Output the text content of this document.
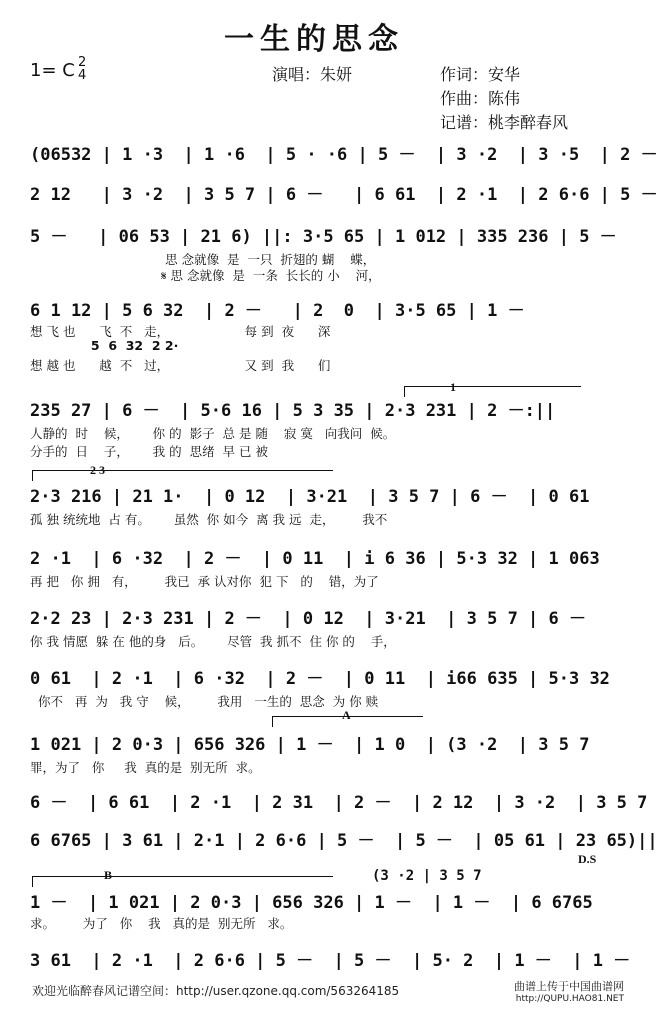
一生的思念
1= C 2
4	演唱：朱妍	作词：安华
作曲：陈伟
记谱：桃李醉春风
(06532 | 1 ·3  | 1 ·6  | 5 · ·6 | 5 －  | 3 ·2  | 3 ·5  | 2 －
2 12   | 3 ·2  | 3 5 7 | 6 －   | 6 61  | 2 ·1  | 2 6·6 | 5 －
5 －   | 06 53 | 21 6) ||: 3·5 65 | 1 012 | 335 236 | 5 －
思 念就像  是  一只  折翅的 蝴    蝶，
𝄋 思 念就像  是  一条  长长的 小    河，
6 1 12 | 5 6 32  | 2 －   | 2  0  | 3·5 65 | 1 －
想 飞 也      飞  不   走，                   每 到  夜      深
5  6  32  2 2·
想 越 也      越  不   过，                   又 到  我      们
1
235 27 | 6 －  | 5·6 16 | 5 3 35 | 2·3 231 | 2 －:||
人静的  时    候，      你 的  影子  总 是 随    寂 寞   向我问  候。
分手的  日    子，      我 的  思绪  早 已 被
2 3
2·3 216 | 21 1·  | 0 12  | 3·21  | 3 5 7 | 6 －  | 0 61
孤 独 统统地  占 有。      虽然  你 如今  离 我 远  走，       我不
2 ·1  | 6 ·32  | 2 －  | 0 11  | i 6 36 | 5·3 32 | 1 063
再 把   你 拥   有，       我已  承 认对你  犯 下   的    错，为了
2·2 23 | 2·3 231 | 2 －  | 0 12  | 3·21  | 3 5 7 | 6 －
你 我 情愿  躲 在 他的身   后。      尽管  我 抓不  住 你 的    手，
0 61  | 2 ·1  | 6 ·32  | 2 －  | 0 11  | i66 635 | 5·3 32
你不   再  为   我 守    候，       我用   一生的  思念  为 你 赎
A
1 021 | 2 0·3 | 656 326 | 1 －  | 1 0  | (3 ·2  | 3 5 7
罪，为了   你     我  真的是  别无所  求。
6 －  | 6 61  | 2 ·1  | 2 31  | 2 －  | 2 12  | 3 ·2  | 3 5 7
6 6765 | 3 61 | 2·1 | 2 6·6 | 5 －  | 5 －  | 05 61 | 23 65)||
D.S
B
1 －  | 1 021 | 2 0·3 | 656 326 | 1 －  | 1 －  | 6 6765
求。       为了   你    我   真的是  别无所   求。
(3 ·2 | 3 5 7
3 61  | 2 ·1  | 2 6·6 | 5 －  | 5 －  | 5· 2  | 1 －  | 1 －
欢迎光临醉春风记谱空间：http://user.qzone.qq.com/563264185	曲谱上传于中国曲谱网
http://QUPU.HAO81.NET
